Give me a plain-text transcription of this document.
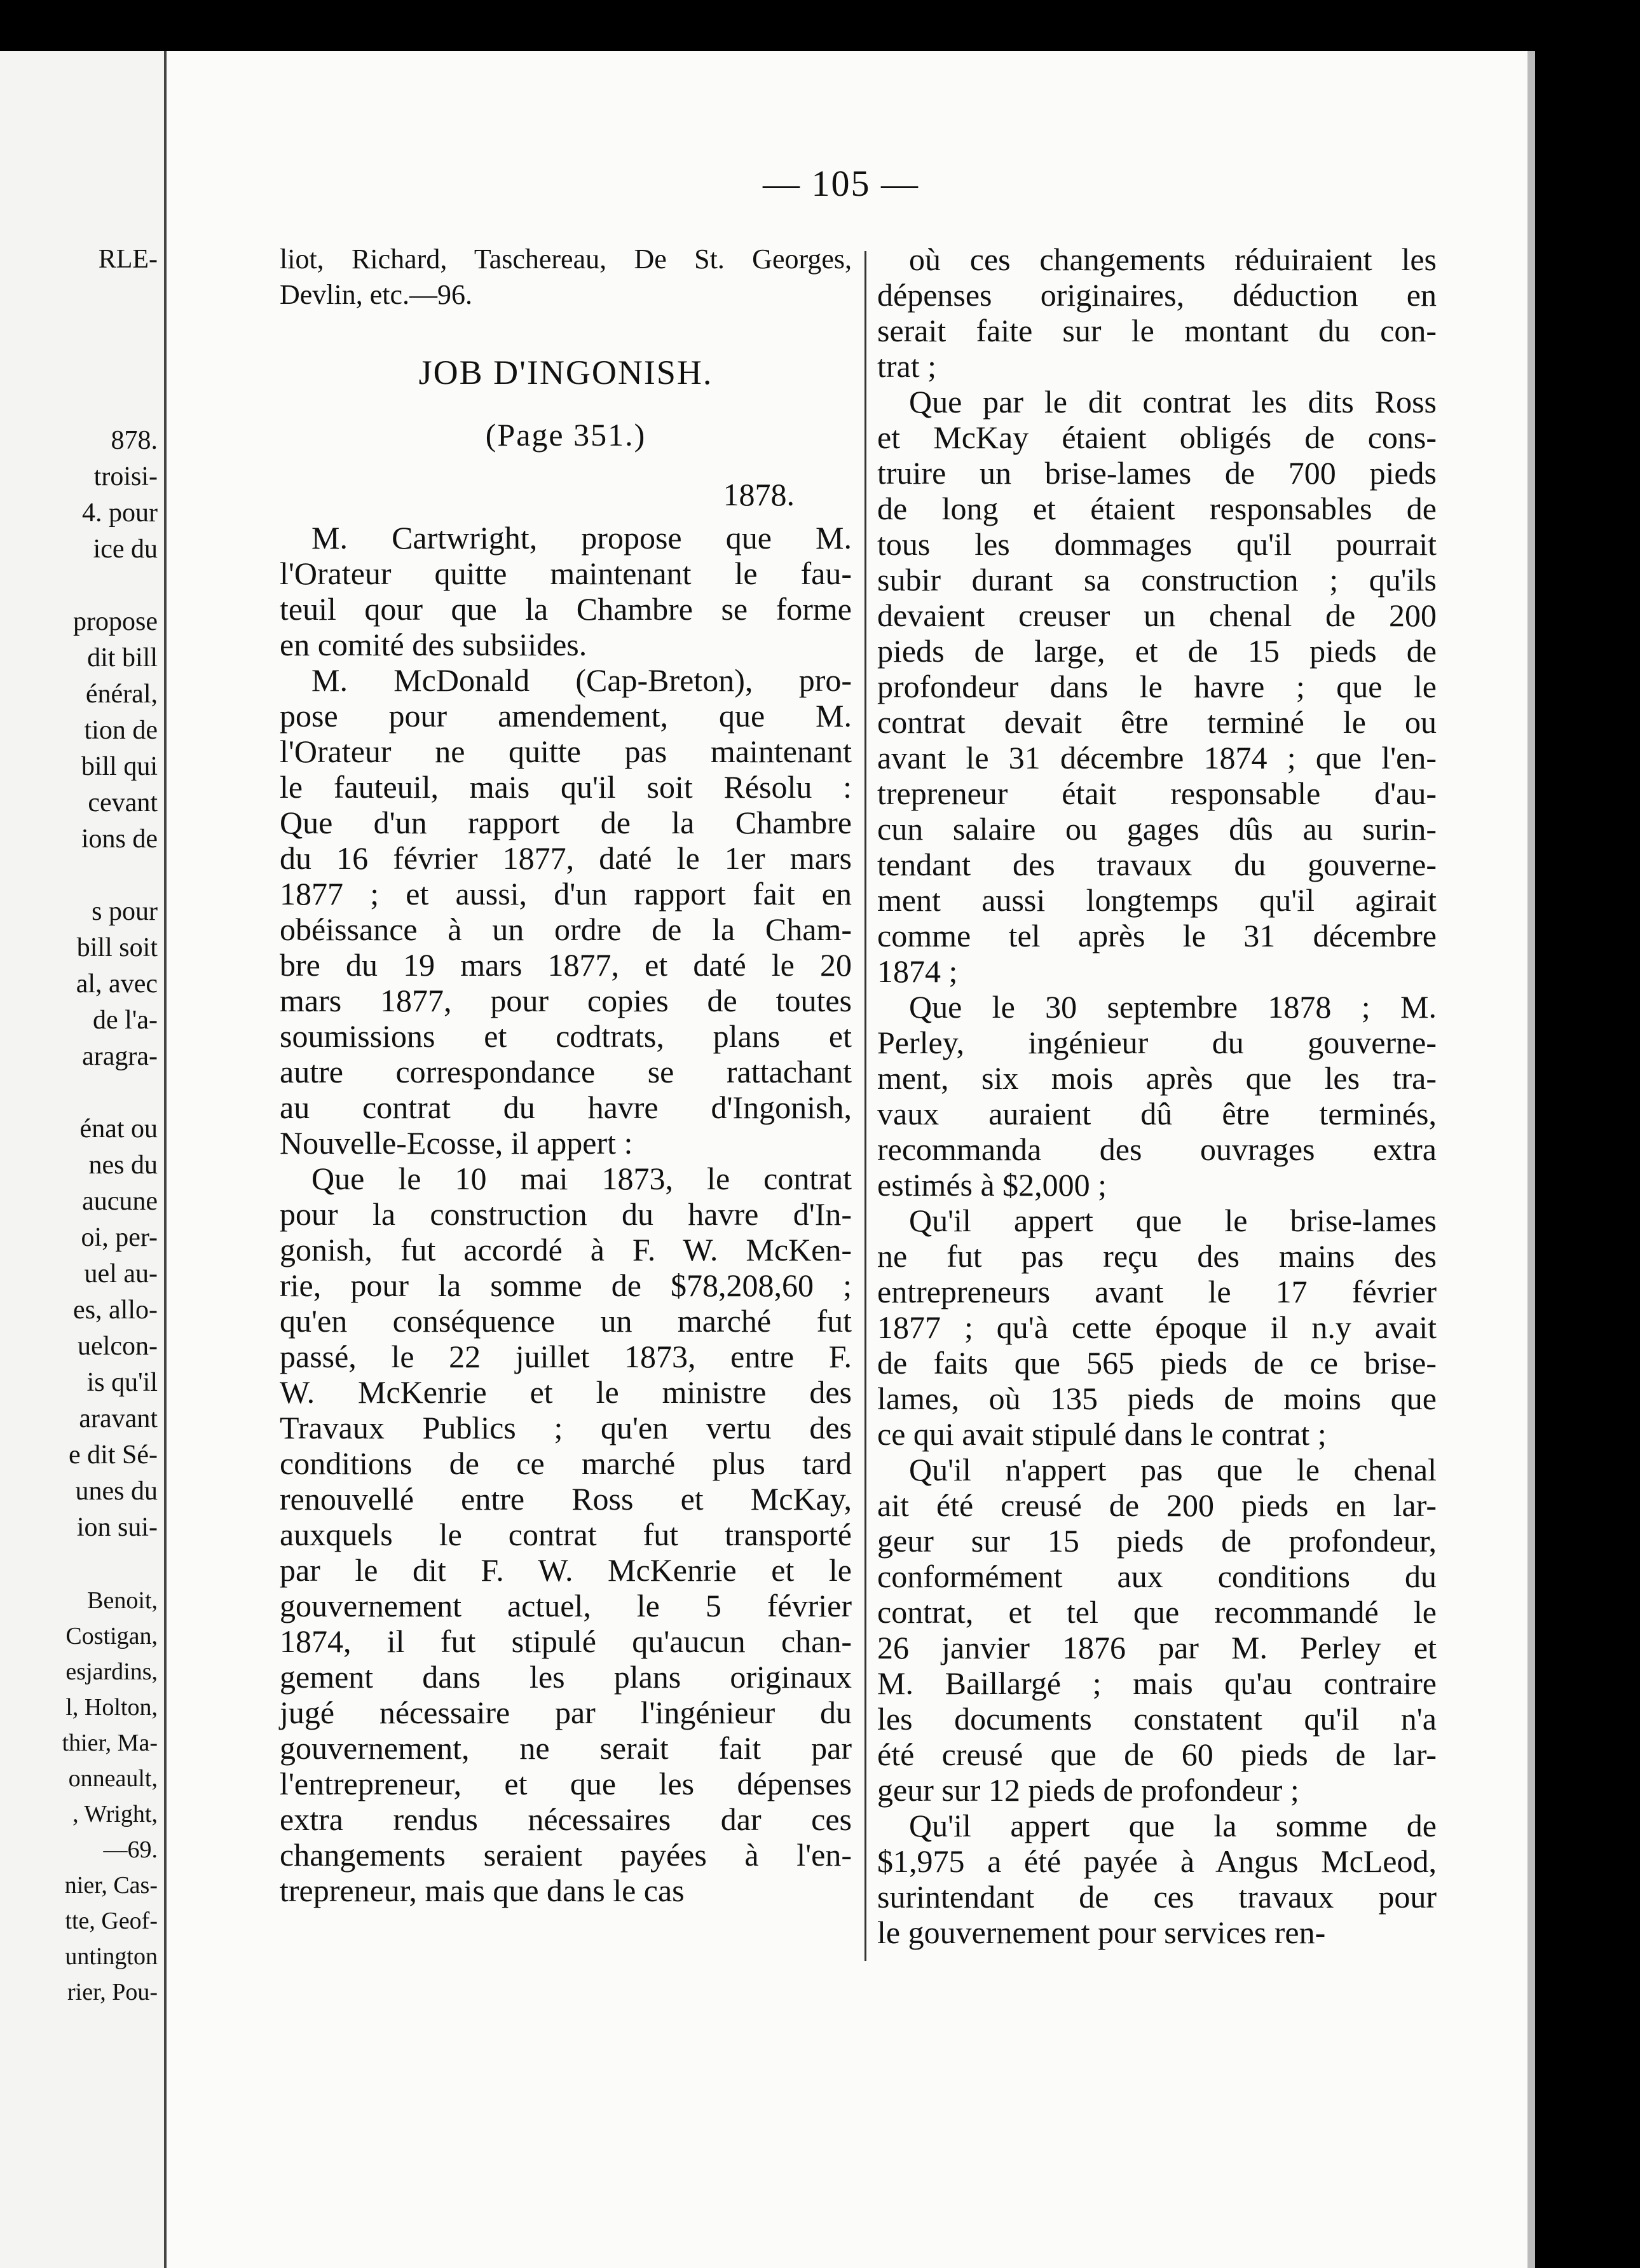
RLE-
878.
troisi-
4. pour
ice du
propose
dit bill
énéral,
tion de
bill qui
cevant
ions de
s pour
bill soit
al, avec
de l'a-
aragra-
énat ou
nes du
aucune
oi, per-
uel au-
es, allo-
uelcon-
is qu'il
aravant
e dit Sé-
unes du
ion sui-
Benoit,
Costigan,
esjardins,
l, Holton,
thier, Ma-
onneault,
, Wright,
—69.
nier, Cas-
tte, Geof-
untington
rier, Pou-
— 105 —
liot, Richard, Taschereau, De St. Georges,
Devlin, etc.—96.
JOB D'INGONISH.
(Page 351.)
1878.
M. Cartwright, propose que M.
l'Orateur quitte maintenant le fau-
teuil qour que la Chambre se forme
en comité des subsiides.
M. McDonald (Cap-Breton), pro-
pose pour amendement, que M.
l'Orateur ne quitte pas maintenant
le fauteuil, mais qu'il soit Résolu :
Que d'un rapport de la Chambre
du 16 février 1877, daté le 1er mars
1877 ; et aussi, d'un rapport fait en
obéissance à un ordre de la Cham-
bre du 19 mars 1877, et daté le 20
mars 1877, pour copies de toutes
soumissions et codtrats, plans et
autre correspondance se rattachant
au contrat du havre d'Ingonish,
Nouvelle-Ecosse, il appert :
Que le 10 mai 1873, le contrat
pour la construction du havre d'In-
gonish, fut accordé à F. W. McKen-
rie, pour la somme de $78,208,60 ;
qu'en conséquence un marché fut
passé, le 22 juillet 1873, entre F.
W. McKenrie et le ministre des
Travaux Publics ; qu'en vertu des
conditions de ce marché plus tard
renouvellé entre Ross et McKay,
auxquels le contrat fut transporté
par le dit F. W. McKenrie et le
gouvernement actuel, le 5 février
1874, il fut stipulé qu'aucun chan-
gement dans les plans originaux
jugé nécessaire par l'ingénieur du
gouvernement, ne serait fait par
l'entrepreneur, et que les dépenses
extra rendus nécessaires dar ces
changements seraient payées à l'en-
trepreneur, mais que dans le cas
où ces changements réduiraient les
dépenses originaires, déduction en
serait faite sur le montant du con-
trat ;
Que par le dit contrat les dits Ross
et McKay étaient obligés de cons-
truire un brise-lames de 700 pieds
de long et étaient responsables de
tous les dommages qu'il pourrait
subir durant sa construction ; qu'ils
devaient creuser un chenal de 200
pieds de large, et de 15 pieds de
profondeur dans le havre ; que le
contrat devait être terminé le ou
avant le 31 décembre 1874 ; que l'en-
trepreneur était responsable d'au-
cun salaire ou gages dûs au surin-
tendant des travaux du gouverne-
ment aussi longtemps qu'il agirait
comme tel après le 31 décembre
1874 ;
Que le 30 septembre 1878 ; M.
Perley, ingénieur du gouverne-
ment, six mois après que les tra-
vaux auraient dû être terminés,
recommanda des ouvrages extra
estimés à $2,000 ;
Qu'il appert que le brise-lames
ne fut pas reçu des mains des
entrepreneurs avant le 17 février
1877 ; qu'à cette époque il n.y avait
de faits que 565 pieds de ce brise-
lames, où 135 pieds de moins que
ce qui avait stipulé dans le contrat ;
Qu'il n'appert pas que le chenal
ait été creusé de 200 pieds en lar-
geur sur 15 pieds de profondeur,
conformément aux conditions du
contrat, et tel que recommandé le
26 janvier 1876 par M. Perley et
M. Baillargé ; mais qu'au contraire
les documents constatent qu'il n'a
été creusé que de 60 pieds de lar-
geur sur 12 pieds de profondeur ;
Qu'il appert que la somme de
$1,975 a été payée à Angus McLeod,
surintendant de ces travaux pour
le gouvernement pour services ren-
